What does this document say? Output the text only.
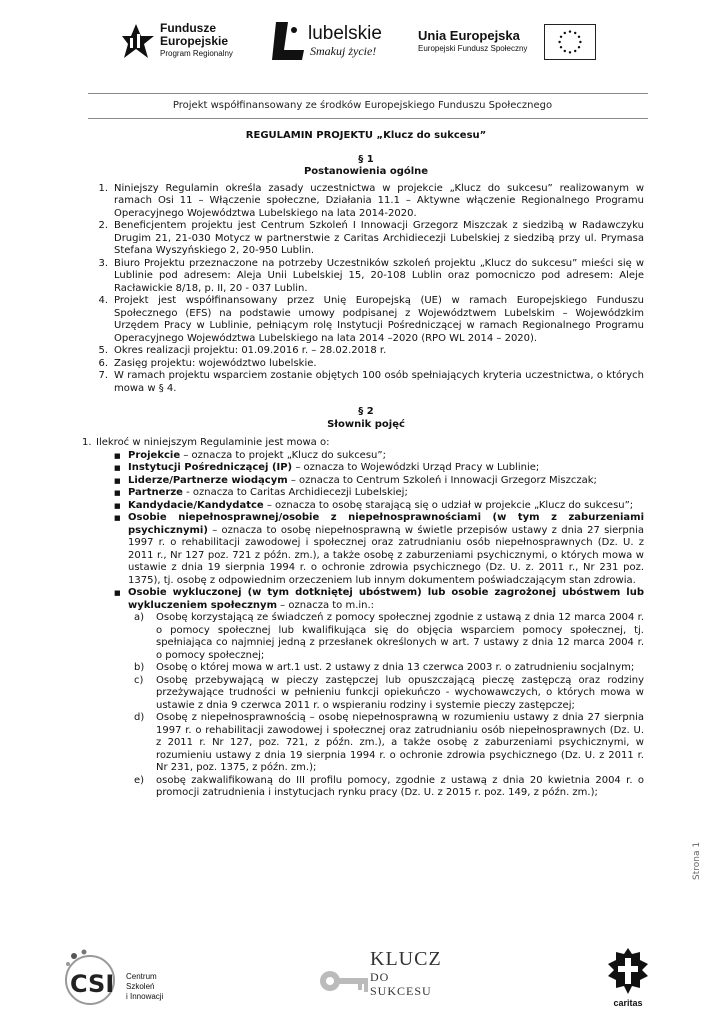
Fundusze
Europejskie
Program Regionalny
lubelskie
Smakuj życie!
Unia Europejska
Europejski Fundusz Społeczny
Projekt współfinansowany ze środków Europejskiego Funduszu Społecznego
REGULAMIN PROJEKTU „Klucz do sukcesu”
§ 1
Postanowienia ogólne
1. Niniejszy Regulamin określa zasady uczestnictwa w projekcie „Klucz do sukcesu” realizowanym w ramach Osi 11 – Włączenie społeczne, Działania 11.1 – Aktywne włączenie Regionalnego Programu Operacyjnego Województwa Lubelskiego na lata 2014-2020.
2. Beneficjentem projektu jest Centrum Szkoleń I Innowacji Grzegorz Miszczak z siedzibą w Radawczyku Drugim 21, 21-030 Motycz w partnerstwie z Caritas Archidiecezji Lubelskiej z siedzibą przy ul. Prymasa Stefana Wyszyńskiego 2, 20-950 Lublin.
3. Biuro Projektu przeznaczone na potrzeby Uczestników szkoleń projektu „Klucz do sukcesu” mieści się w Lublinie pod adresem: Aleja Unii Lubelskiej 15, 20-108 Lublin oraz pomocniczo pod adresem: Aleje Racławickie 8/18, p. II, 20 - 037 Lublin.
4. Projekt jest współfinansowany przez Unię Europejską (UE) w ramach Europejskiego Funduszu Społecznego (EFS) na podstawie umowy podpisanej z Województwem Lubelskim – Wojewódzkim Urzędem Pracy w Lublinie, pełniącym rolę Instytucji Pośredniczącej w ramach Regionalnego Programu Operacyjnego Województwa Lubelskiego na lata 2014 –2020 (RPO WL 2014 – 2020).
5. Okres realizacji projektu: 01.09.2016 r. – 28.02.2018 r.
6. Zasięg projektu: województwo lubelskie.
7. W ramach projektu wsparciem zostanie objętych 100 osób spełniających kryteria uczestnictwa, o których mowa w § 4.
§ 2
Słownik pojęć
1. Ilekroć w niniejszym Regulaminie jest mowa o:
■ Projekcie – oznacza to projekt „Klucz do sukcesu”;
■ Instytucji Pośredniczącej (IP) – oznacza to Wojewódzki Urząd Pracy w Lublinie;
■ Liderze/Partnerze wiodącym – oznacza to Centrum Szkoleń i Innowacji Grzegorz Miszczak;
■ Partnerze - oznacza to Caritas Archidiecezji Lubelskiej;
■ Kandydacie/Kandydatce – oznacza to osobę starającą się o udział w projekcie „Klucz do sukcesu”;
■ Osobie niepełnosprawnej/osobie z niepełnosprawnościami (w tym z zaburzeniami psychicznymi) – oznacza to osobę niepełnosprawną w świetle przepisów ustawy z dnia 27 sierpnia 1997 r. o rehabilitacji zawodowej i społecznej oraz zatrudnianiu osób niepełnosprawnych (Dz. U. z 2011 r., Nr 127 poz. 721 z późn. zm.), a także osobę z zaburzeniami psychicznymi, o których mowa w ustawie z dnia 19 sierpnia 1994 r. o ochronie zdrowia psychicznego (Dz. U. z. 2011 r., Nr 231 poz. 1375), tj. osobę z odpowiednim orzeczeniem lub innym dokumentem poświadczającym stan zdrowia.
■ Osobie wykluczonej (w tym dotkniętej ubóstwem) lub osobie zagrożonej ubóstwem lub wykluczeniem społecznym – oznacza to m.in.:
a) Osobę korzystającą ze świadczeń z pomocy społecznej zgodnie z ustawą z dnia 12 marca 2004 r. o pomocy społecznej lub kwalifikująca się do objęcia wsparciem pomocy społecznej, tj. spełniająca co najmniej jedną z przesłanek określonych w art. 7 ustawy z dnia 12 marca 2004 r. o pomocy społecznej;
b) Osobę o której mowa w art.1 ust. 2 ustawy z dnia 13 czerwca 2003 r. o zatrudnieniu socjalnym;
c) Osobę przebywającą w pieczy zastępczej lub opuszczającą pieczę zastępczą oraz rodziny przeżywające trudności w pełnieniu funkcji opiekuńczo - wychowawczych, o których mowa w ustawie z dnia 9 czerwca 2011 r. o wspieraniu rodziny i systemie pieczy zastępczej;
d) Osobę z niepełnosprawnością – osobę niepełnosprawną w rozumieniu ustawy z dnia 27 sierpnia 1997 r. o rehabilitacji zawodowej i społecznej oraz zatrudnianiu osób niepełnosprawnych (Dz. U. z 2011 r. Nr 127, poz. 721, z późn. zm.), a także osobę z zaburzeniami psychicznymi, w rozumieniu ustawy z dnia 19 sierpnia 1994 r. o ochronie zdrowia psychicznego (Dz. U. z 2011 r. Nr 231, poz. 1375, z późn. zm.);
e) osobę zakwalifikowaną do III profilu pomocy, zgodnie z ustawą z dnia 20 kwietnia 2004 r. o promocji zatrudnienia i instytucjach rynku pracy (Dz. U. z 2015 r. poz. 149, z późn. zm.);
Strona 1
CSI Centrum
Szkoleń
i Innowacji
KLUCZ
DO SUKCESU
caritas
